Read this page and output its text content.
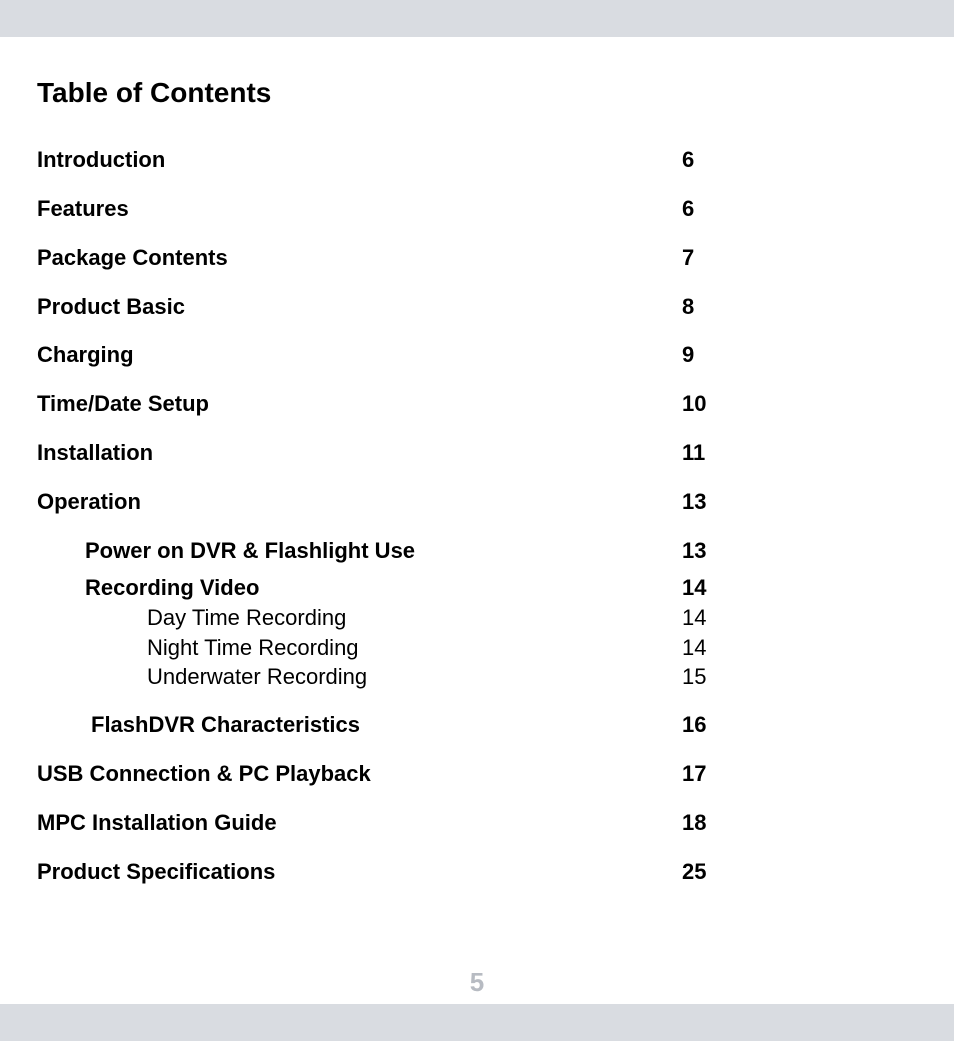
Table of Contents
Introduction	6
Features	6
Package Contents	7
Product Basic	8
Charging	9
Time/Date Setup	10
Installation	11
Operation	13
Power on DVR & Flashlight Use	13
Recording Video	14
Day Time Recording	14
Night Time Recording	14
Underwater Recording	15
FlashDVR Characteristics	16
USB Connection & PC Playback	17
MPC Installation Guide	18
Product Specifications	25
5
